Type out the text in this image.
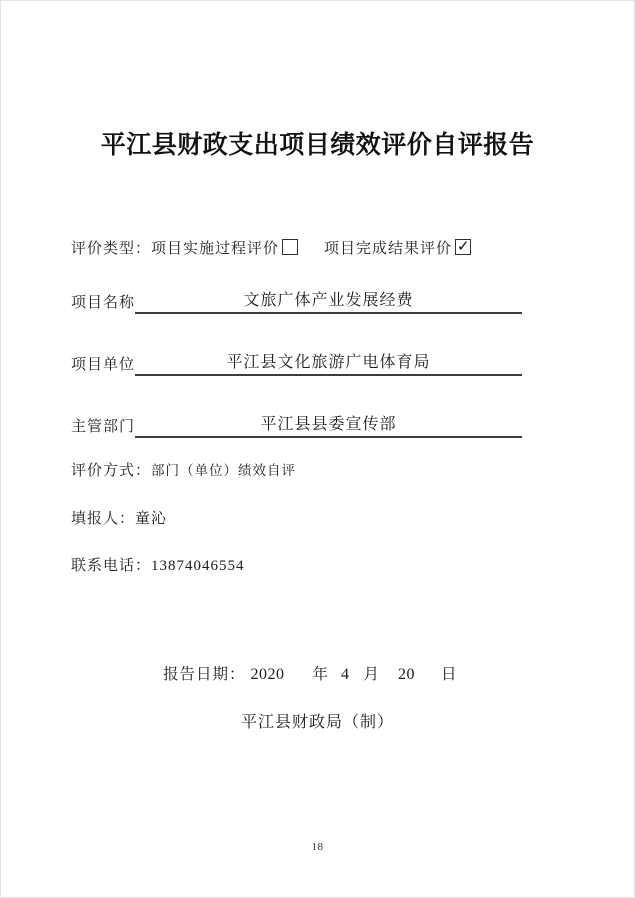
平江县财政支出项目绩效评价自评报告
评价类型：项目实施过程评价	项目完成结果评价 ✓
项目名称	文旅广体产业发展经费
项目单位	平江县文化旅游广电体育局
主管部门	平江县县委宣传部
评价方式：部门（单位）绩效自评
填报人：童沁
联系电话：13874046554
报告日期： 2020 年 4 月 20 日
平江县财政局（制）
18
